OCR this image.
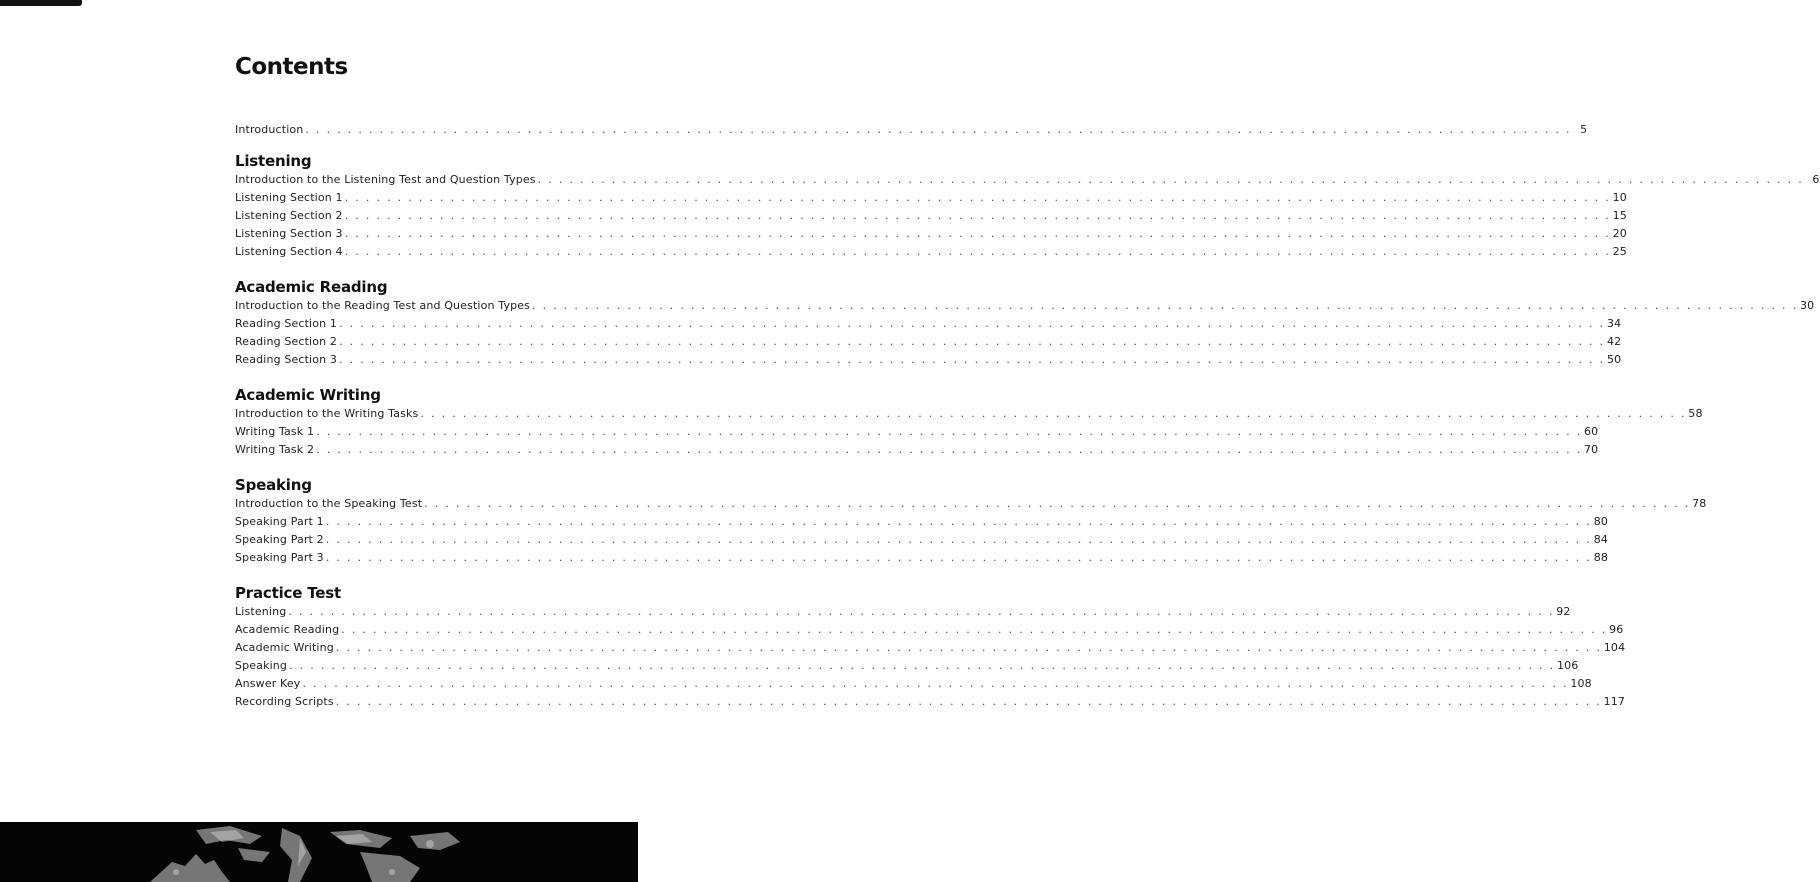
Contents
Introduction . . . . . . . . . . . . . . . . . . . . . . . . . . . . . . . . . . . . . . . . . . . . . . . . . . . . . . . . . . . . . . . . . . . . . . . . . . . . . . . . . . . . . . . . . . . . . . . . . . . . . . . . . . . . . . . . . . . . . . . . 5
Listening
Introduction to the Listening Test and Question Types . . . . . . . . . . . . . . . . . . . . . . . . . . . . . . . . . . . . . . . . . . . . . . . . . . . . . . . . . . . . . . . . . . . . . . . . . . . . . . . . . . . . . . . . . . . . . . . . . . . . . . . . . . . . . . . . . . . . . . . . 6
Listening Section 1 . . . . . . . . . . . . . . . . . . . . . . . . . . . . . . . . . . . . . . . . . . . . . . . . . . . . . . . . . . . . . . . . . . . . . . . . . . . . . . . . . . . . . . . . . . . . . . . . . . . . . . . . . . . . . . . . . . . . . . . . 10
Listening Section 2 . . . . . . . . . . . . . . . . . . . . . . . . . . . . . . . . . . . . . . . . . . . . . . . . . . . . . . . . . . . . . . . . . . . . . . . . . . . . . . . . . . . . . . . . . . . . . . . . . . . . . . . . . . . . . . . . . . . . . . . . 15
Listening Section 3 . . . . . . . . . . . . . . . . . . . . . . . . . . . . . . . . . . . . . . . . . . . . . . . . . . . . . . . . . . . . . . . . . . . . . . . . . . . . . . . . . . . . . . . . . . . . . . . . . . . . . . . . . . . . . . . . . . . . . . . . 20
Listening Section 4 . . . . . . . . . . . . . . . . . . . . . . . . . . . . . . . . . . . . . . . . . . . . . . . . . . . . . . . . . . . . . . . . . . . . . . . . . . . . . . . . . . . . . . . . . . . . . . . . . . . . . . . . . . . . . . . . . . . . . . . . 25
Academic Reading
Introduction to the Reading Test and Question Types . . . . . . . . . . . . . . . . . . . . . . . . . . . . . . . . . . . . . . . . . . . . . . . . . . . . . . . . . . . . . . . . . . . . . . . . . . . . . . . . . . . . . . . . . . . . . . . . . . . . . . . . . . . . . . . . . . . . . . . . 30
Reading Section 1 . . . . . . . . . . . . . . . . . . . . . . . . . . . . . . . . . . . . . . . . . . . . . . . . . . . . . . . . . . . . . . . . . . . . . . . . . . . . . . . . . . . . . . . . . . . . . . . . . . . . . . . . . . . . . . . . . . . . . . . . 34
Reading Section 2 . . . . . . . . . . . . . . . . . . . . . . . . . . . . . . . . . . . . . . . . . . . . . . . . . . . . . . . . . . . . . . . . . . . . . . . . . . . . . . . . . . . . . . . . . . . . . . . . . . . . . . . . . . . . . . . . . . . . . . . . 42
Reading Section 3 . . . . . . . . . . . . . . . . . . . . . . . . . . . . . . . . . . . . . . . . . . . . . . . . . . . . . . . . . . . . . . . . . . . . . . . . . . . . . . . . . . . . . . . . . . . . . . . . . . . . . . . . . . . . . . . . . . . . . . . . 50
Academic Writing
Introduction to the Writing Tasks . . . . . . . . . . . . . . . . . . . . . . . . . . . . . . . . . . . . . . . . . . . . . . . . . . . . . . . . . . . . . . . . . . . . . . . . . . . . . . . . . . . . . . . . . . . . . . . . . . . . . . . . . . . . . . . . . . . . . . . . 58
Writing Task 1 . . . . . . . . . . . . . . . . . . . . . . . . . . . . . . . . . . . . . . . . . . . . . . . . . . . . . . . . . . . . . . . . . . . . . . . . . . . . . . . . . . . . . . . . . . . . . . . . . . . . . . . . . . . . . . . . . . . . . . . . 60
Writing Task 2 . . . . . . . . . . . . . . . . . . . . . . . . . . . . . . . . . . . . . . . . . . . . . . . . . . . . . . . . . . . . . . . . . . . . . . . . . . . . . . . . . . . . . . . . . . . . . . . . . . . . . . . . . . . . . . . . . . . . . . . . 70
Speaking
Introduction to the Speaking Test . . . . . . . . . . . . . . . . . . . . . . . . . . . . . . . . . . . . . . . . . . . . . . . . . . . . . . . . . . . . . . . . . . . . . . . . . . . . . . . . . . . . . . . . . . . . . . . . . . . . . . . . . . . . . . . . . . . . . . . . 78
Speaking Part 1 . . . . . . . . . . . . . . . . . . . . . . . . . . . . . . . . . . . . . . . . . . . . . . . . . . . . . . . . . . . . . . . . . . . . . . . . . . . . . . . . . . . . . . . . . . . . . . . . . . . . . . . . . . . . . . . . . . . . . . . . 80
Speaking Part 2 . . . . . . . . . . . . . . . . . . . . . . . . . . . . . . . . . . . . . . . . . . . . . . . . . . . . . . . . . . . . . . . . . . . . . . . . . . . . . . . . . . . . . . . . . . . . . . . . . . . . . . . . . . . . . . . . . . . . . . . . 84
Speaking Part 3 . . . . . . . . . . . . . . . . . . . . . . . . . . . . . . . . . . . . . . . . . . . . . . . . . . . . . . . . . . . . . . . . . . . . . . . . . . . . . . . . . . . . . . . . . . . . . . . . . . . . . . . . . . . . . . . . . . . . . . . . 88
Practice Test
Listening . . . . . . . . . . . . . . . . . . . . . . . . . . . . . . . . . . . . . . . . . . . . . . . . . . . . . . . . . . . . . . . . . . . . . . . . . . . . . . . . . . . . . . . . . . . . . . . . . . . . . . . . . . . . . . . . . . . . . . . . 92
Academic Reading . . . . . . . . . . . . . . . . . . . . . . . . . . . . . . . . . . . . . . . . . . . . . . . . . . . . . . . . . . . . . . . . . . . . . . . . . . . . . . . . . . . . . . . . . . . . . . . . . . . . . . . . . . . . . . . . . . . . . . . . 96
Academic Writing . . . . . . . . . . . . . . . . . . . . . . . . . . . . . . . . . . . . . . . . . . . . . . . . . . . . . . . . . . . . . . . . . . . . . . . . . . . . . . . . . . . . . . . . . . . . . . . . . . . . . . . . . . . . . . . . . . . . . . . . 104
Speaking . . . . . . . . . . . . . . . . . . . . . . . . . . . . . . . . . . . . . . . . . . . . . . . . . . . . . . . . . . . . . . . . . . . . . . . . . . . . . . . . . . . . . . . . . . . . . . . . . . . . . . . . . . . . . . . . . . . . . . . . 106
Answer Key . . . . . . . . . . . . . . . . . . . . . . . . . . . . . . . . . . . . . . . . . . . . . . . . . . . . . . . . . . . . . . . . . . . . . . . . . . . . . . . . . . . . . . . . . . . . . . . . . . . . . . . . . . . . . . . . . . . . . . . . 108
Recording Scripts . . . . . . . . . . . . . . . . . . . . . . . . . . . . . . . . . . . . . . . . . . . . . . . . . . . . . . . . . . . . . . . . . . . . . . . . . . . . . . . . . . . . . . . . . . . . . . . . . . . . . . . . . . . . . . . . . . . . . . . . 117
